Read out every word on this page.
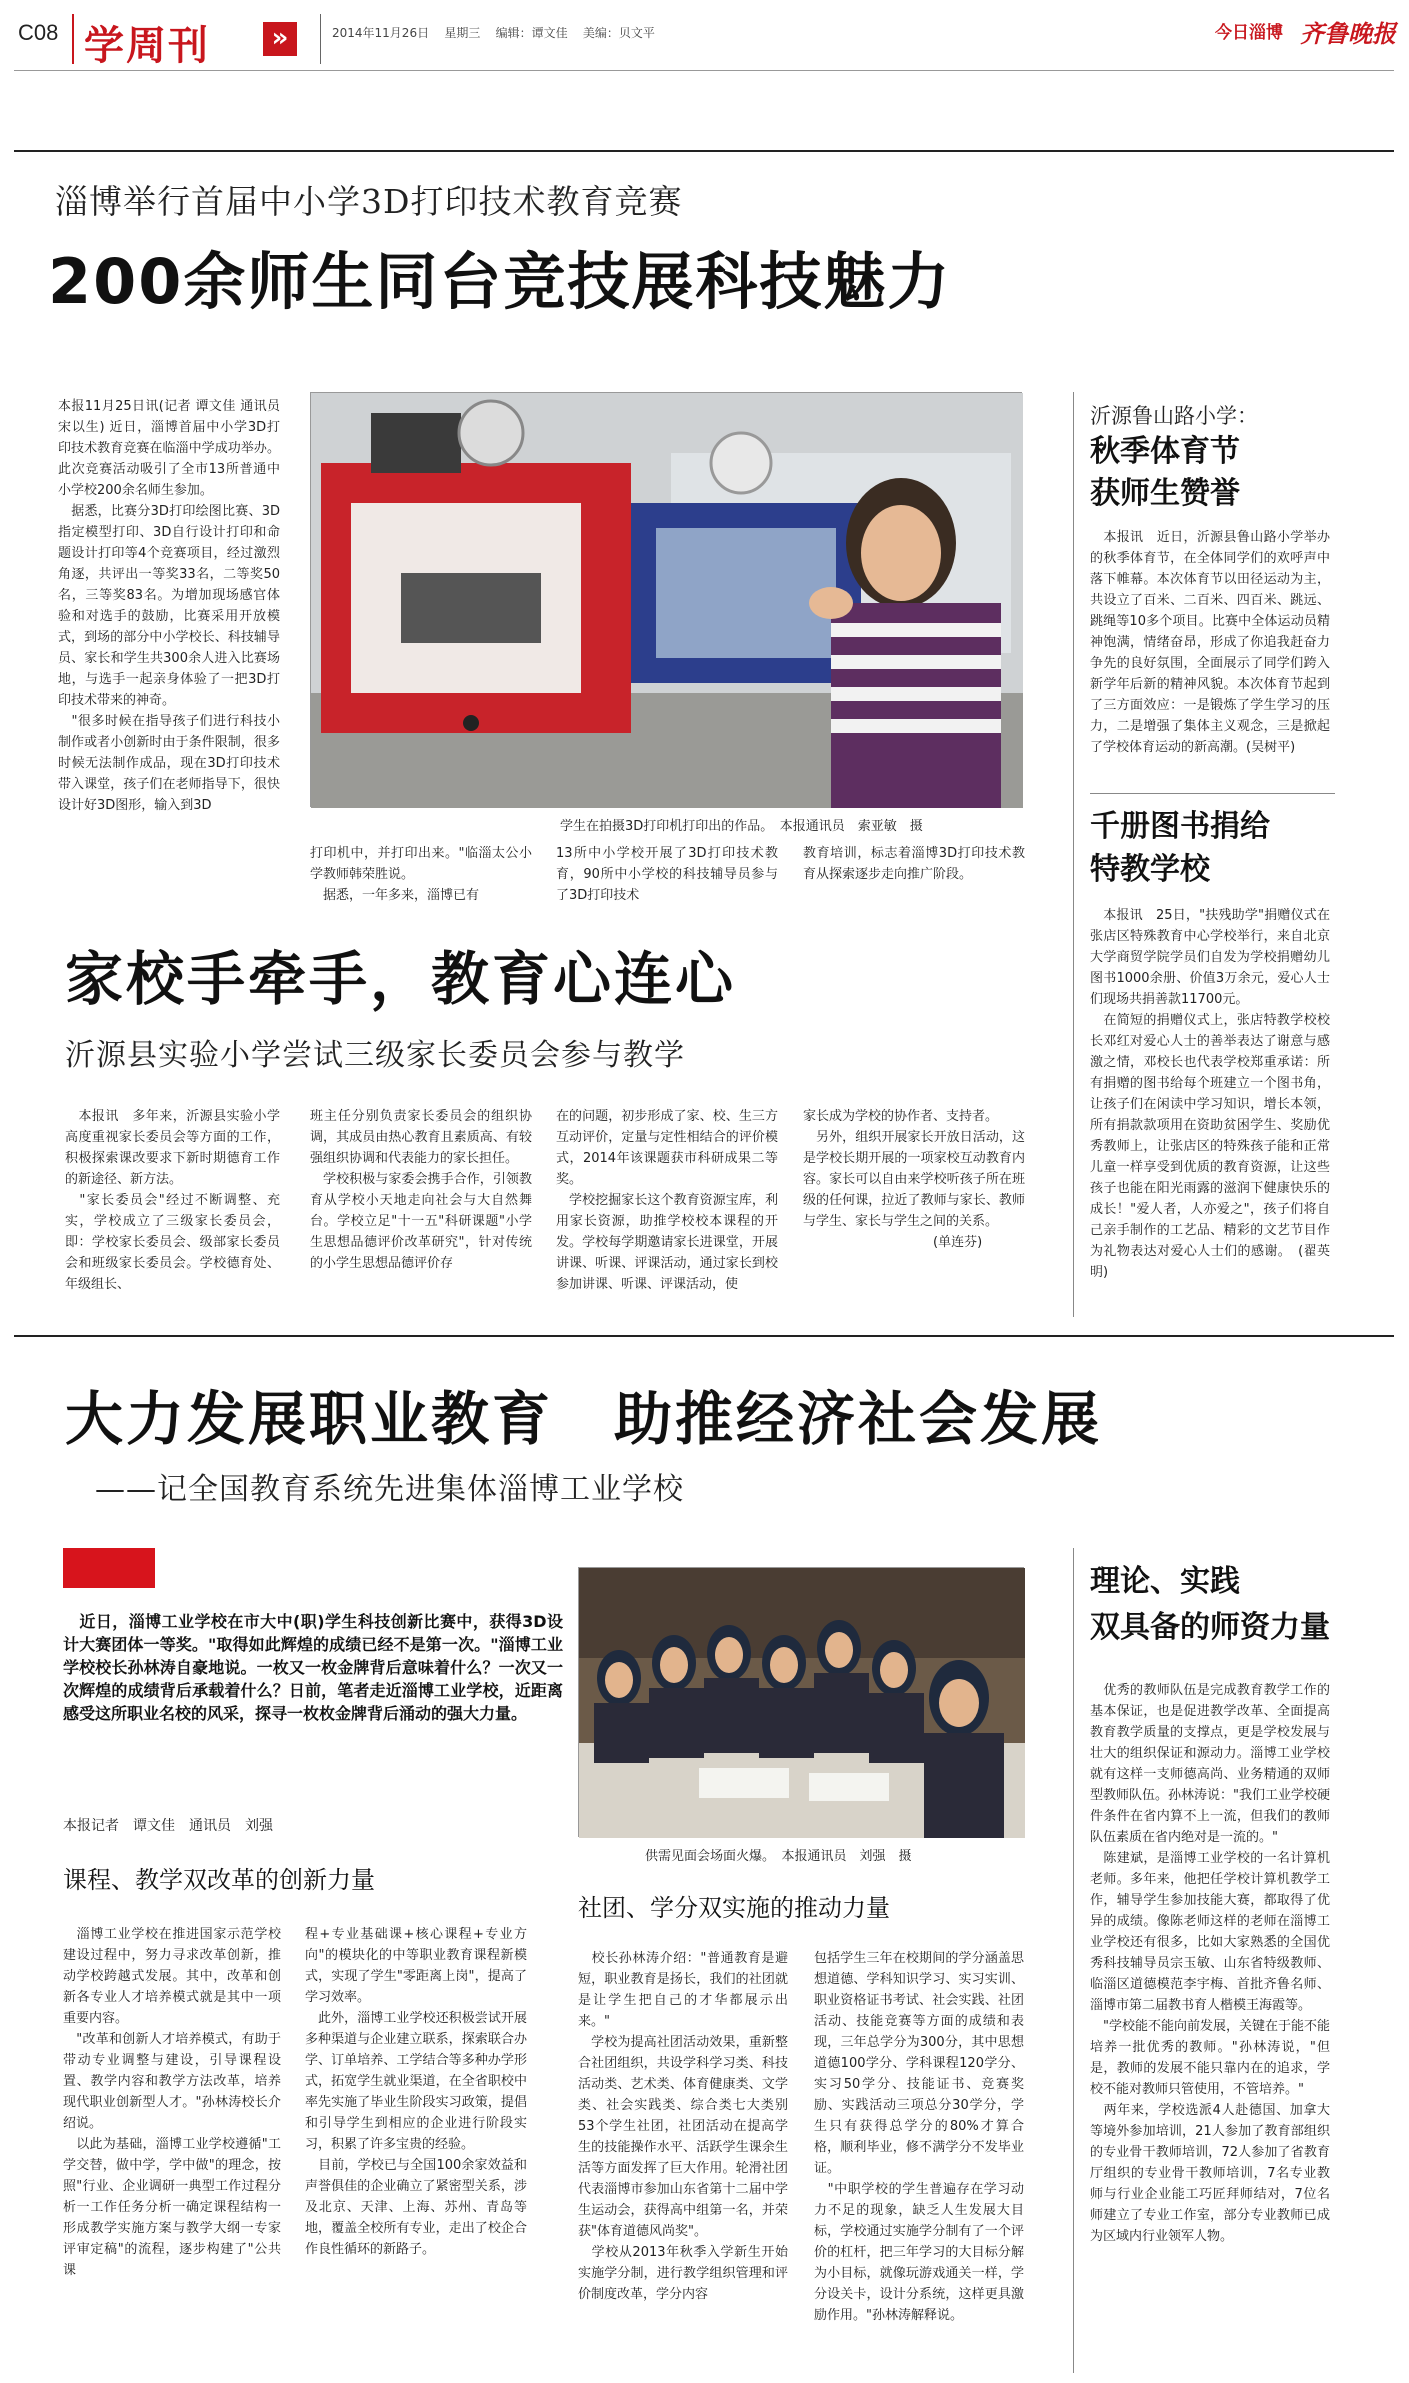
C08 学周刊	»	2014年11月26日 星期三 编辑：谭文佳 美编：贝文平	今日淄博 齐鲁晚报
淄博举行首届中小学3D打印技术教育竞赛
200余师生同台竞技展科技魅力
本报11月25日讯(记者 谭文佳 通讯员 宋以生) 近日，淄博首届中小学3D打印技术教育竞赛在临淄中学成功举办。此次竞赛活动吸引了全市13所普通中小学校200余名师生参加。
　据悉，比赛分3D打印绘图比赛、3D指定模型打印、3D自行设计打印和命题设计打印等4个竞赛项目，经过激烈角逐，共评出一等奖33名，二等奖50名，三等奖83名。为增加现场感官体验和对选手的鼓励，比赛采用开放模式，到场的部分中小学校长、科技辅导员、家长和学生共300余人进入比赛场地，与选手一起亲身体验了一把3D打印技术带来的神奇。
　"很多时候在指导孩子们进行科技小制作或者小创新时由于条件限制，很多时候无法制作成品，现在3D打印技术带入课堂，孩子们在老师指导下，很快设计好3D图形，输入到3D
学生在拍摄3D打印机打印出的作品。　本报通讯员　索亚敏　摄
打印机中，并打印出来。"临淄太公小学教师韩荣胜说。
　据悉，一年多来，淄博已有
13所中小学校开展了3D打印技术教育，90所中小学校的科技辅导员参与了3D打印技术
教育培训，标志着淄博3D打印技术教育从探索逐步走向推广阶段。
沂源鲁山路小学：
秋季体育节
获师生赞誉
　本报讯　近日，沂源县鲁山路小学举办的秋季体育节，在全体同学们的欢呼声中落下帷幕。本次体育节以田径运动为主，共设立了百米、二百米、四百米、跳远、跳绳等10多个项目。比赛中全体运动员精神饱满，情绪奋昂，形成了你追我赶奋力争先的良好氛围，全面展示了同学们跨入新学年后新的精神风貌。本次体育节起到了三方面效应：一是锻炼了学生学习的压力，二是增强了集体主义观念，三是掀起了学校体育运动的新高潮。(吴树平)
千册图书捐给
特教学校
　本报讯　25日，"扶残助学"捐赠仪式在张店区特殊教育中心学校举行，来自北京大学商贸学院学员们自发为学校捐赠幼儿图书1000余册、价值3万余元，爱心人士们现场共捐善款11700元。
　在简短的捐赠仪式上，张店特教学校校长邓红对爱心人士的善举表达了谢意与感激之情，邓校长也代表学校郑重承诺：所有捐赠的图书给每个班建立一个图书角，让孩子们在闲读中学习知识，增长本领，所有捐款款项用在资助贫困学生、奖励优秀教师上，让张店区的特殊孩子能和正常儿童一样享受到优质的教育资源，让这些孩子也能在阳光雨露的滋润下健康快乐的成长！"爱人者，人亦爱之"，孩子们将自己亲手制作的工艺品、精彩的文艺节目作为礼物表达对爱心人士们的感谢。　(翟英明)
家校手牵手，教育心连心
沂源县实验小学尝试三级家长委员会参与教学
　本报讯　多年来，沂源县实验小学高度重视家长委员会等方面的工作，积极探索课改要求下新时期德育工作的新途径、新方法。
　"家长委员会"经过不断调整、充实，学校成立了三级家长委员会，即：学校家长委员会、级部家长委员会和班级家长委员会。学校德育处、年级组长、
班主任分别负责家长委员会的组织协调，其成员由热心教育且素质高、有较强组织协调和代表能力的家长担任。
　学校积极与家委会携手合作，引领教育从学校小天地走向社会与大自然舞台。学校立足"十一五"科研课题"小学生思想品德评价改革研究"，针对传统的小学生思想品德评价存
在的问题，初步形成了家、校、生三方互动评价，定量与定性相结合的评价模式，2014年该课题获市科研成果二等奖。
　学校挖掘家长这个教育资源宝库，利用家长资源，助推学校校本课程的开发。学校每学期邀请家长进课堂，开展讲课、听课、评课活动，通过家长到校参加讲课、听课、评课活动，使
家长成为学校的协作者、支持者。
　另外，组织开展家长开放日活动，这是学校长期开展的一项家校互动教育内容。家长可以自由来学校听孩子所在班级的任何课，拉近了教师与家长、教师与学生、家长与学生之间的关系。
　　　　　　　　　　(单连芬)
大力发展职业教育　助推经济社会发展
——记全国教育系统先进集体淄博工业学校
　近日，淄博工业学校在市大中(职)学生科技创新比赛中，获得3D设计大赛团体一等奖。"取得如此辉煌的成绩已经不是第一次。"淄博工业学校校长孙林涛自豪地说。一枚又一枚金牌背后意味着什么？一次又一次辉煌的成绩背后承载着什么？日前，笔者走近淄博工业学校，近距离感受这所职业名校的风采，探寻一枚枚金牌背后涌动的强大力量。
本报记者　谭文佳　通讯员　刘强
课程、教学双改革的创新力量
　淄博工业学校在推进国家示范学校建设过程中，努力寻求改革创新，推动学校跨越式发展。其中，改革和创新各专业人才培养模式就是其中一项重要内容。
　"改革和创新人才培养模式，有助于带动专业调整与建设，引导课程设置、教学内容和教学方法改革，培养现代职业创新型人才。"孙林涛校长介绍说。
　以此为基础，淄博工业学校遵循"工学交替，做中学，学中做"的理念，按照"行业、企业调研一典型工作过程分析一工作任务分析一确定课程结构一形成教学实施方案与教学大纲一专家评审定稿"的流程，逐步构建了"公共课
程+专业基础课+核心课程+专业方向"的模块化的中等职业教育课程新模式，实现了学生"零距离上岗"，提高了学习效率。
　此外，淄博工业学校还积极尝试开展多种渠道与企业建立联系，探索联合办学、订单培养、工学结合等多种办学形式，拓宽学生就业渠道，在全省职校中率先实施了毕业生阶段实习政策，提倡和引导学生到相应的企业进行阶段实习，积累了许多宝贵的经验。
　目前，学校已与全国100余家效益和声誉俱佳的企业确立了紧密型关系，涉及北京、天津、上海、苏州、青岛等地，覆盖全校所有专业，走出了校企合作良性循环的新路子。
供需见面会场面火爆。　本报通讯员　刘强　摄
社团、学分双实施的推动力量
　校长孙林涛介绍："普通教育是避短，职业教育是扬长，我们的社团就是让学生把自己的才华都展示出来。"
　学校为提高社团活动效果，重新整合社团组织，共设学科学习类、科技活动类、艺术类、体育健康类、文学类、社会实践类、综合类七大类别53个学生社团，社团活动在提高学生的技能操作水平、活跃学生课余生活等方面发挥了巨大作用。轮滑社团代表淄博市参加山东省第十二届中学生运动会，获得高中组第一名，并荣获"体育道德风尚奖"。
　学校从2013年秋季入学新生开始实施学分制，进行教学组织管理和评价制度改革，学分内容
包括学生三年在校期间的学分涵盖思想道德、学科知识学习、实习实训、职业资格证书考试、社会实践、社团活动、技能竞赛等方面的成绩和表现，三年总学分为300分，其中思想道德100学分、学科课程120学分、实习50学分、技能证书、竞赛奖励、实践活动三项总分30学分，学生只有获得总学分的80%才算合格，顺利毕业，修不满学分不发毕业证。
　"中职学校的学生普遍存在学习动力不足的现象，缺乏人生发展大目标，学校通过实施学分制有了一个评价的杠杆，把三年学习的大目标分解为小目标，就像玩游戏通关一样，学分设关卡，设计分系统，这样更具激励作用。"孙林涛解释说。
理论、实践
双具备的师资力量
　优秀的教师队伍是完成教育教学工作的基本保证，也是促进教学改革、全面提高教育教学质量的支撑点，更是学校发展与壮大的组织保证和源动力。淄博工业学校就有这样一支师德高尚、业务精通的双师型教师队伍。孙林涛说："我们工业学校硬件条件在省内算不上一流，但我们的教师队伍素质在省内绝对是一流的。"
　陈建斌，是淄博工业学校的一名计算机老师。多年来，他把任学校计算机教学工作，辅导学生参加技能大赛，都取得了优异的成绩。像陈老师这样的老师在淄博工业学校还有很多，比如大家熟悉的全国优秀科技辅导员宗玉敏、山东省特级教师、临淄区道德模范李宇梅、首批齐鲁名师、淄博市第二届教书育人楷模王海霞等。
　"学校能不能向前发展，关键在于能不能培养一批优秀的教师。"孙林涛说，"但是，教师的发展不能只靠内在的追求，学校不能对教师只管使用，不管培养。"
　两年来，学校选派4人赴德国、加拿大等境外参加培训，21人参加了教育部组织的专业骨干教师培训，72人参加了省教育厅组织的专业骨干教师培训，7名专业教师与行业企业能工巧匠拜师结对，7位名师建立了专业工作室，部分专业教师已成为区域内行业领军人物。
